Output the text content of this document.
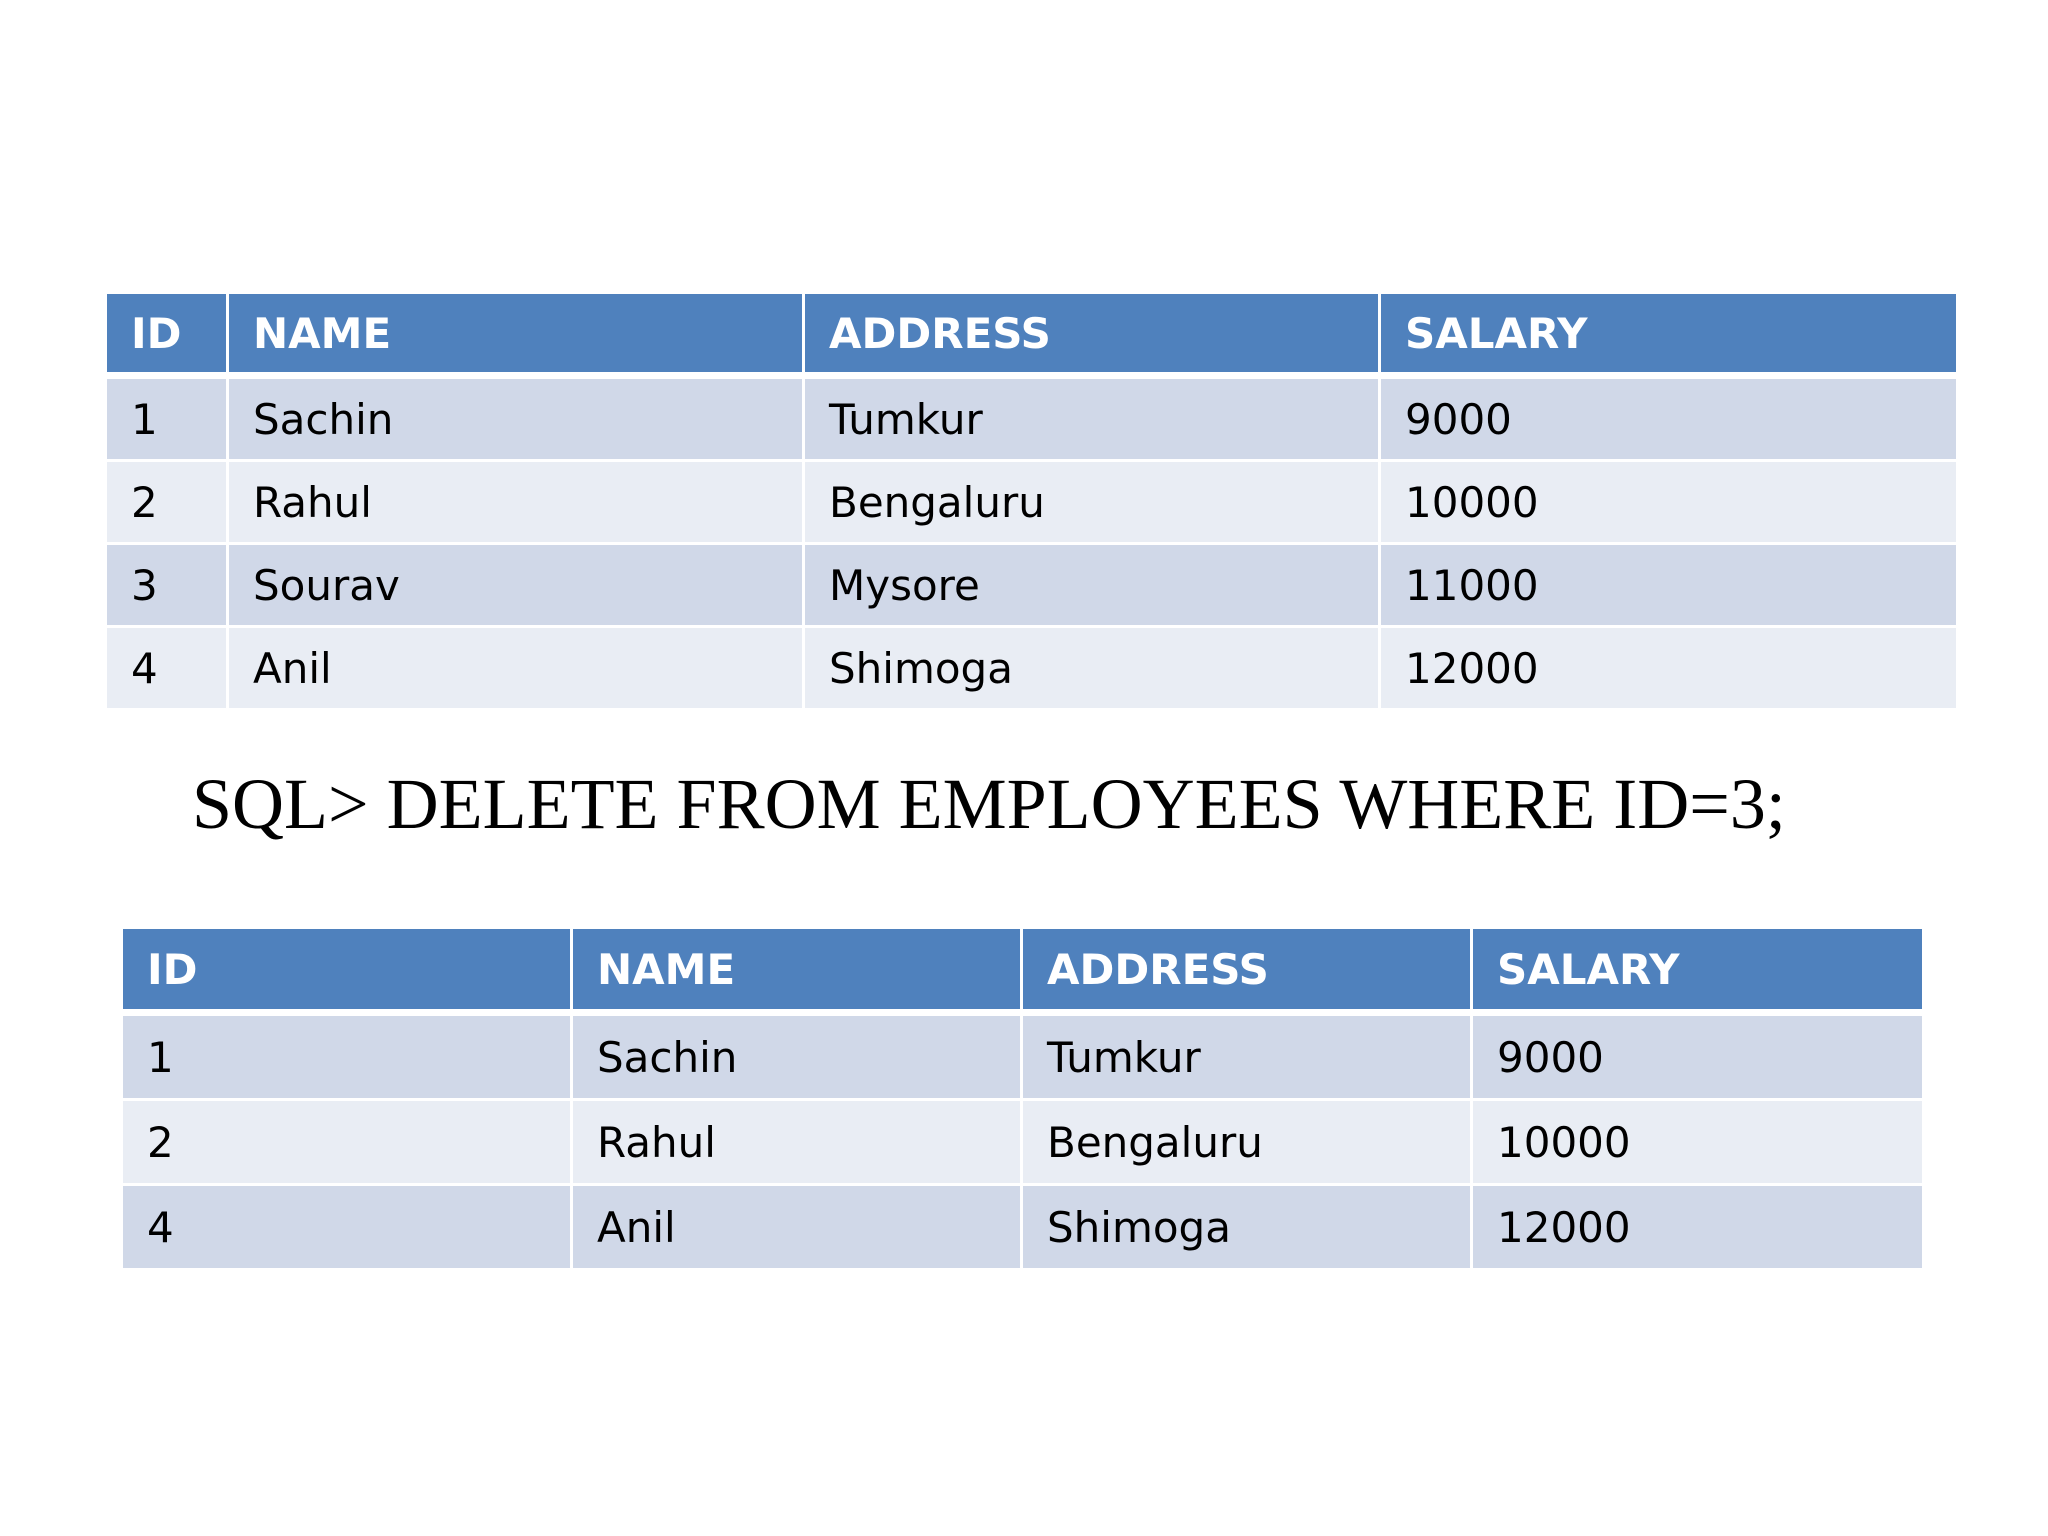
ID	NAME	ADDRESS	SALARY
1	Sachin	Tumkur	9000
2	Rahul	Bengaluru	10000
3	Sourav	Mysore	11000
4	Anil	Shimoga	12000
SQL> DELETE FROM EMPLOYEES WHERE ID=3;
ID	NAME	ADDRESS	SALARY
1	Sachin	Tumkur	9000
2	Rahul	Bengaluru	10000
4	Anil	Shimoga	12000
